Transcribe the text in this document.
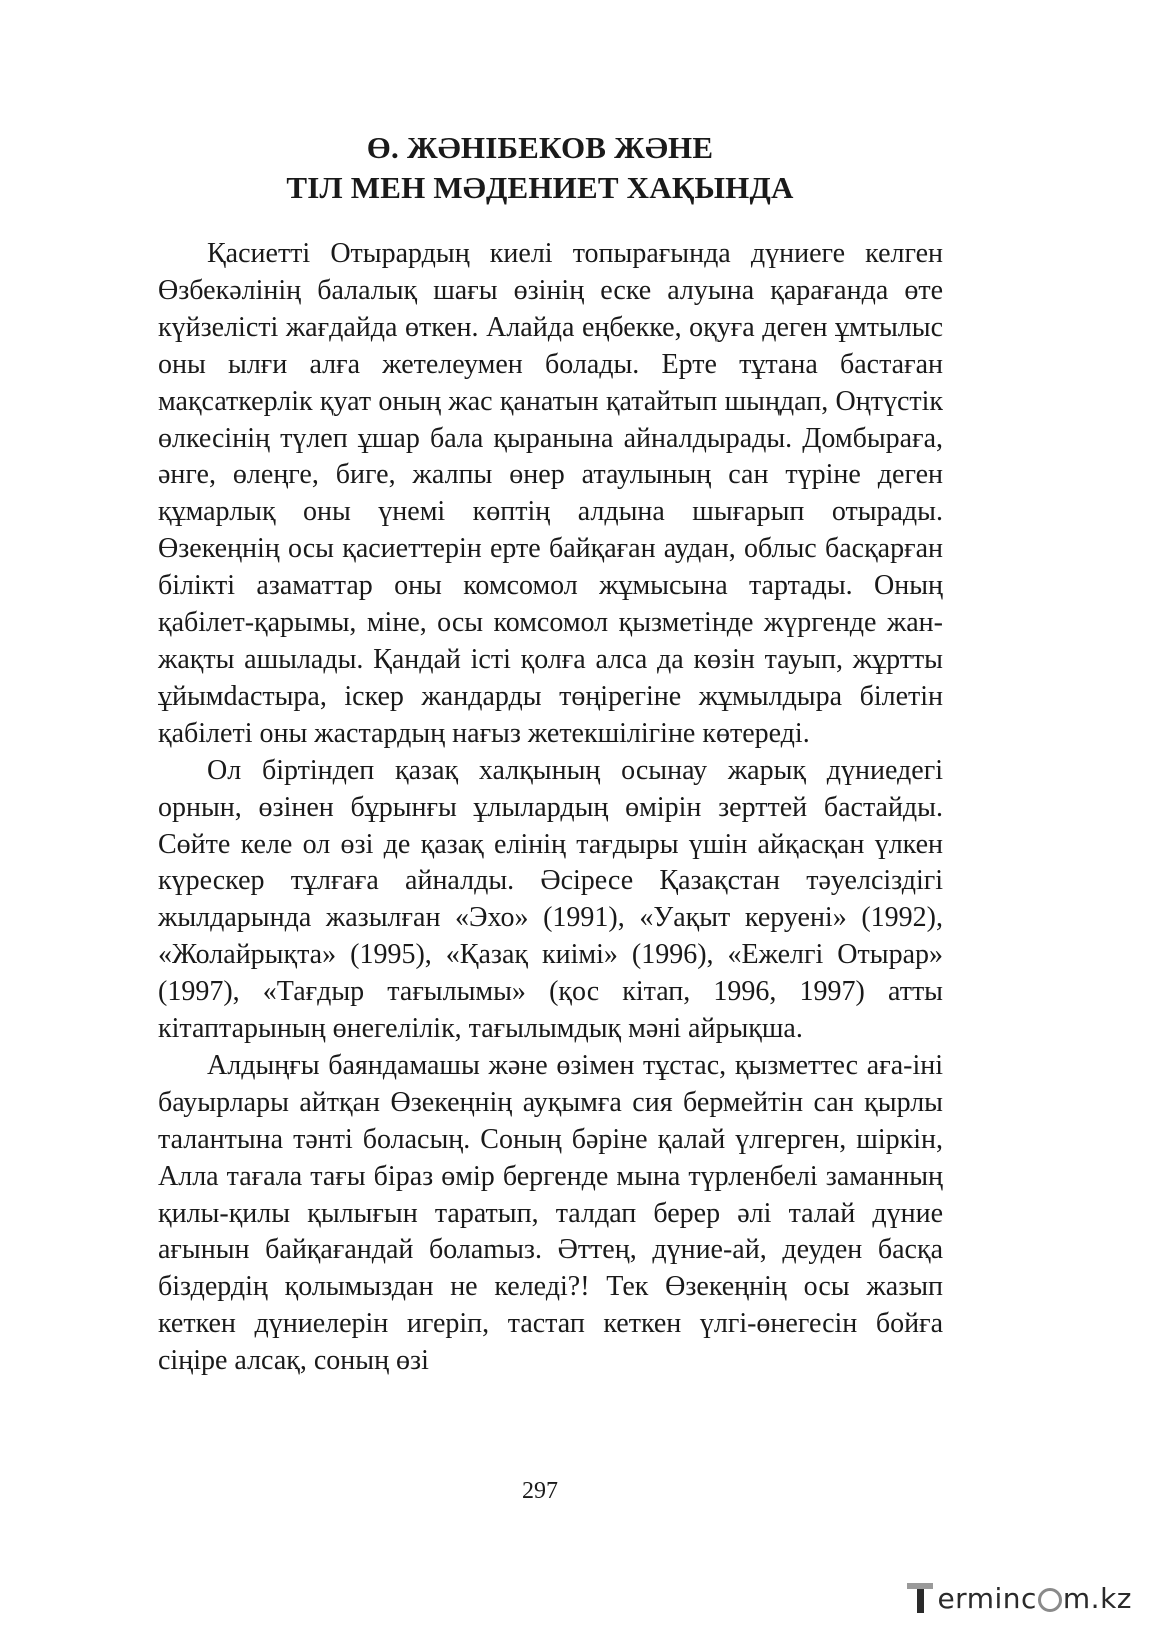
Ө. ЖӘНІБЕКОВ ЖӘНЕ
ТІЛ МЕН МӘДЕНИЕТ ХАҚЫНДА

Қасиетті Отырардың киелі топырағында дүниеге келген Өзбекәлінің балалық шағы өзінің еске алуына қарағанда өте күйзелісті жағдайда өткен. Алайда еңбекке, оқуға деген ұмтылыс оны ылғи алға жетелеумен болады. Ерте тұтана бастаған мақсаткерлік қуат оның жас қанатын қатайтып шыңдап, Оңтүстік өлкесінің түлеп ұшар бала қыранына айналдырады. Домбыраға, әнге, өлеңге, биге, жалпы өнер атаулының сан түріне деген құмарлық оны үнемі көптің алдына шығарып отырады. Өзекеңнің осы қасиеттерін ерте байқаған аудан, облыс басқарған білікті азаматтар оны комсомол жұмысына тартады. Оның қабілет-қарымы, міне, осы комсомол қызметінде жүргенде жан-жақты ашылады. Қандай істі қолға алса да көзін тауып, жұртты ұйымdастыра, іскер жандарды төңірегіне жұмылдыра білетін қабілеті оны жастардың нағыз жетекшілігіне көтереді.

Ол біртіндеп қазақ халқының осынау жарық дүниедегі орнын, өзінен бұрынғы ұлылардың өмірін зерттей бастайды. Сөйте келе ол өзі де қазақ елінің тағдыры үшін айқасқан үлкен күрескер тұлғаға айналды. Әсіресе Қазақстан тәуелсіздігі жылдарында жазылған «Эхо» (1991), «Уақыт керуені» (1992), «Жолайрықта» (1995), «Қазақ киімі» (1996), «Ежелгі Отырар» (1997), «Тағдыр тағылымы» (қос кітап, 1996, 1997) атты кітаптарының өнегелілік, тағылымдық мәні айрықша.

Алдыңғы баяндамашы және өзімен тұстас, қызметтес аға-іні бауырлары айтқан Өзекеңнің ауқымға сия бермейтін сан қырлы талантына тәнті боласың. Соның бәріне қалай үлгерген, шіркін, Алла тағала тағы біраз өмір бергенде мына түрленбелі заманның қилы-қилы қылығын таратып, талдап берер әлі талай дүние ағынын байқағандай болаmыз. Әттең, дүние-ай, деуден басқа біздердің қолымыздан не келеді?! Тек Өзекеңнің осы жазып кеткен дүниелерін игеріп, тастап кеткен үлгі-өнегесін бойға сіңіре алсақ, соның өзі

297
erminc m.kz
